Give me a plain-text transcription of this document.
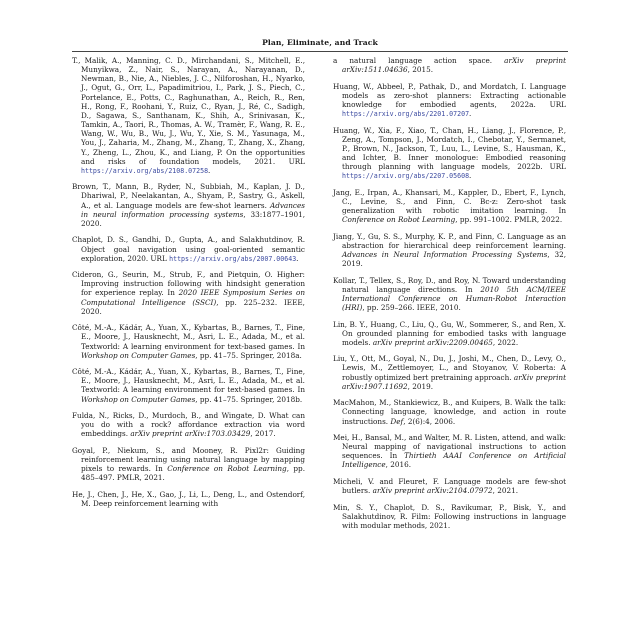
Plan, Eliminate, and Track

T., Malik, A., Manning, C. D., Mirchandani, S., Mitchell, E., Munyikwa, Z., Nair, S., Narayan, A., Narayanan, D., Newman, B., Nie, A., Niebles, J. C., Nilforoshan, H., Nyarko, J., Ogut, G., Orr, L., Papadimitriou, I., Park, J. S., Piech, C., Portelance, E., Potts, C., Raghunathan, A., Reich, R., Ren, H., Rong, F., Roohani, Y., Ruiz, C., Ryan, J., Ré, C., Sadigh, D., Sagawa, S., Santhanam, K., Shih, A., Srinivasan, K., Tamkin, A., Taori, R., Thomas, A. W., Tramèr, F., Wang, R. E., Wang, W., Wu, B., Wu, J., Wu, Y., Xie, S. M., Yasunaga, M., You, J., Zaharia, M., Zhang, M., Zhang, T., Zhang, X., Zhang, Y., Zheng, L., Zhou, K., and Liang, P. On the opportunities and risks of foundation models, 2021. URL https://arxiv.org/abs/2108.07258.

Brown, T., Mann, B., Ryder, N., Subbiah, M., Kaplan, J. D., Dhariwal, P., Neelakantan, A., Shyam, P., Sastry, G., Askell, A., et al. Language models are few-shot learners. Advances in neural information processing systems, 33:1877–1901, 2020.

Chaplot, D. S., Gandhi, D., Gupta, A., and Salakhutdinov, R. Object goal navigation using goal-oriented semantic exploration, 2020. URL https://arxiv.org/abs/2007.00643.

Cideron, G., Seurin, M., Strub, F., and Pietquin, O. Higher: Improving instruction following with hindsight generation for experience replay. In 2020 IEEE Symposium Series on Computational Intelligence (SSCI), pp. 225–232. IEEE, 2020.

Côté, M.-A., Kádár, A., Yuan, X., Kybartas, B., Barnes, T., Fine, E., Moore, J., Hausknecht, M., Asri, L. E., Adada, M., et al. Textworld: A learning environment for text-based games. In Workshop on Computer Games, pp. 41–75. Springer, 2018a.

Côté, M.-A., Kádár, A., Yuan, X., Kybartas, B., Barnes, T., Fine, E., Moore, J., Hausknecht, M., Asri, L. E., Adada, M., et al. Textworld: A learning environment for text-based games. In Workshop on Computer Games, pp. 41–75. Springer, 2018b.

Fulda, N., Ricks, D., Murdoch, B., and Wingate, D. What can you do with a rock? affordance extraction via word embeddings. arXiv preprint arXiv:1703.03429, 2017.

Goyal, P., Niekum, S., and Mooney, R. Pixl2r: Guiding reinforcement learning using natural language by mapping pixels to rewards. In Conference on Robot Learning, pp. 485–497. PMLR, 2021.

He, J., Chen, J., He, X., Gao, J., Li, L., Deng, L., and Ostendorf, M. Deep reinforcement learning with

a natural language action space. arXiv preprint arXiv:1511.04636, 2015.

Huang, W., Abbeel, P., Pathak, D., and Mordatch, I. Language models as zero-shot planners: Extracting actionable knowledge for embodied agents, 2022a. URL https://arxiv.org/abs/2201.07207.

Huang, W., Xia, F., Xiao, T., Chan, H., Liang, J., Florence, P., Zeng, A., Tompson, J., Mordatch, I., Chebotar, Y., Sermanet, P., Brown, N., Jackson, T., Luu, L., Levine, S., Hausman, K., and Ichter, B. Inner monologue: Embodied reasoning through planning with language models, 2022b. URL https://arxiv.org/abs/2207.05608.

Jang, E., Irpan, A., Khansari, M., Kappler, D., Ebert, F., Lynch, C., Levine, S., and Finn, C. Bc-z: Zero-shot task generalization with robotic imitation learning. In Conference on Robot Learning, pp. 991–1002. PMLR, 2022.

Jiang, Y., Gu, S. S., Murphy, K. P., and Finn, C. Language as an abstraction for hierarchical deep reinforcement learning. Advances in Neural Information Processing Systems, 32, 2019.

Kollar, T., Tellex, S., Roy, D., and Roy, N. Toward understanding natural language directions. In 2010 5th ACM/IEEE International Conference on Human-Robot Interaction (HRI), pp. 259–266. IEEE, 2010.

Lin, B. Y., Huang, C., Liu, Q., Gu, W., Sommerer, S., and Ren, X. On grounded planning for embodied tasks with language models. arXiv preprint arXiv:2209.00465, 2022.

Liu, Y., Ott, M., Goyal, N., Du, J., Joshi, M., Chen, D., Levy, O., Lewis, M., Zettlemoyer, L., and Stoyanov, V. Roberta: A robustly optimized bert pretraining approach. arXiv preprint arXiv:1907.11692, 2019.

MacMahon, M., Stankiewicz, B., and Kuipers, B. Walk the talk: Connecting language, knowledge, and action in route instructions. Def, 2(6):4, 2006.

Mei, H., Bansal, M., and Walter, M. R. Listen, attend, and walk: Neural mapping of navigational instructions to action sequences. In Thirtieth AAAI Conference on Artificial Intelligence, 2016.

Micheli, V. and Fleuret, F. Language models are few-shot butlers. arXiv preprint arXiv:2104.07972, 2021.

Min, S. Y., Chaplot, D. S., Ravikumar, P., Bisk, Y., and Salakhutdinov, R. Film: Following instructions in language with modular methods, 2021.
